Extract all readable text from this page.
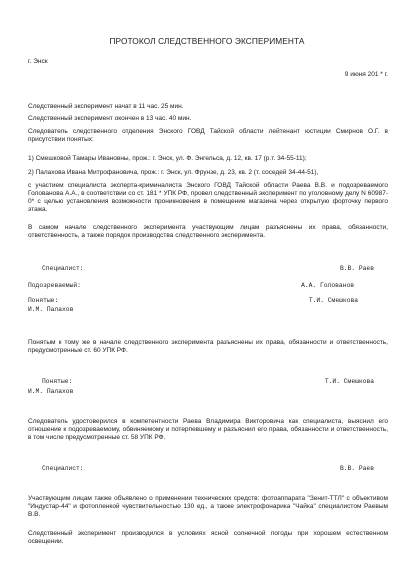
ПРОТОКОЛ СЛЕДСТВЕННОГО ЭКСПЕРИМЕНТА
г. Энск
9 июня 201 * г.
Следственный эксперимент начат в 11 час. 25 мин.
Следственный эксперимент окончен в 13 час. 40 мин.
Следователь следственного отделения Энского ГОВД Тайской области лейтенант юстиции Смирнов О.Г. в присутствии понятых:
1) Смешковой Тамары Ивановны, прож.: г. Энск, ул. Ф. Энгельса, д. 12, кв. 17 (р.т. 34-55-11);
2) Палахова Ивана Митрофановича, прож.: г. Энск, ул. Фрунзе, д. 23, кв. 2 (т. соседей 34-44-51),
с участием специалиста эксперта-криминалиста Энского ГОВД Тайской области Раева В.В. и подозреваемого Голованова А.А., в соответствии со ст. 181 * УПК РФ, провел следственный эксперимент по уголовному делу N 60987-0* с целью установления возможности проникновения в помещение магазина через открытую форточку первого этажа.
В самом начале следственного эксперимента участвующим лицам разъяснены их права, обязанности, ответственность, а также порядок производства следственного эксперимента.
Специалист:	В.В. Раев
Подозреваемый:	А.А. Голованов
Понятые:	Т.И. Смешкова
И.М. Палахов
Понятым к тому же в начале следственного эксперимента разъяснены их права, обязанности и ответственность, предусмотренные ст. 60 УПК РФ.
Понятые:	Т.И. Смешкова
И.М. Палахов
Следователь удостоверился в компетентности Раева Владимира Викторовича как специалиста, выяснил его отношение к подозреваемому, обвиняемому и потерпевшему и разъяснил его права, обязанности и ответственность, в том числе предусмотренные ст. 58 УПК РФ.
Специалист:	В.В. Раев
Участвующим лицам также объявлено о применении технических средств: фотоаппарата "Зенит-ТТЛ" с объективом "Индустар-44" и фотопленкой чувствительностью 130 ед., а также электрофонарика "Чайка" специалистом Раевым В.В.
Следственный эксперимент производился в условиях ясной солнечной погоды при хорошем естественном освещении.
